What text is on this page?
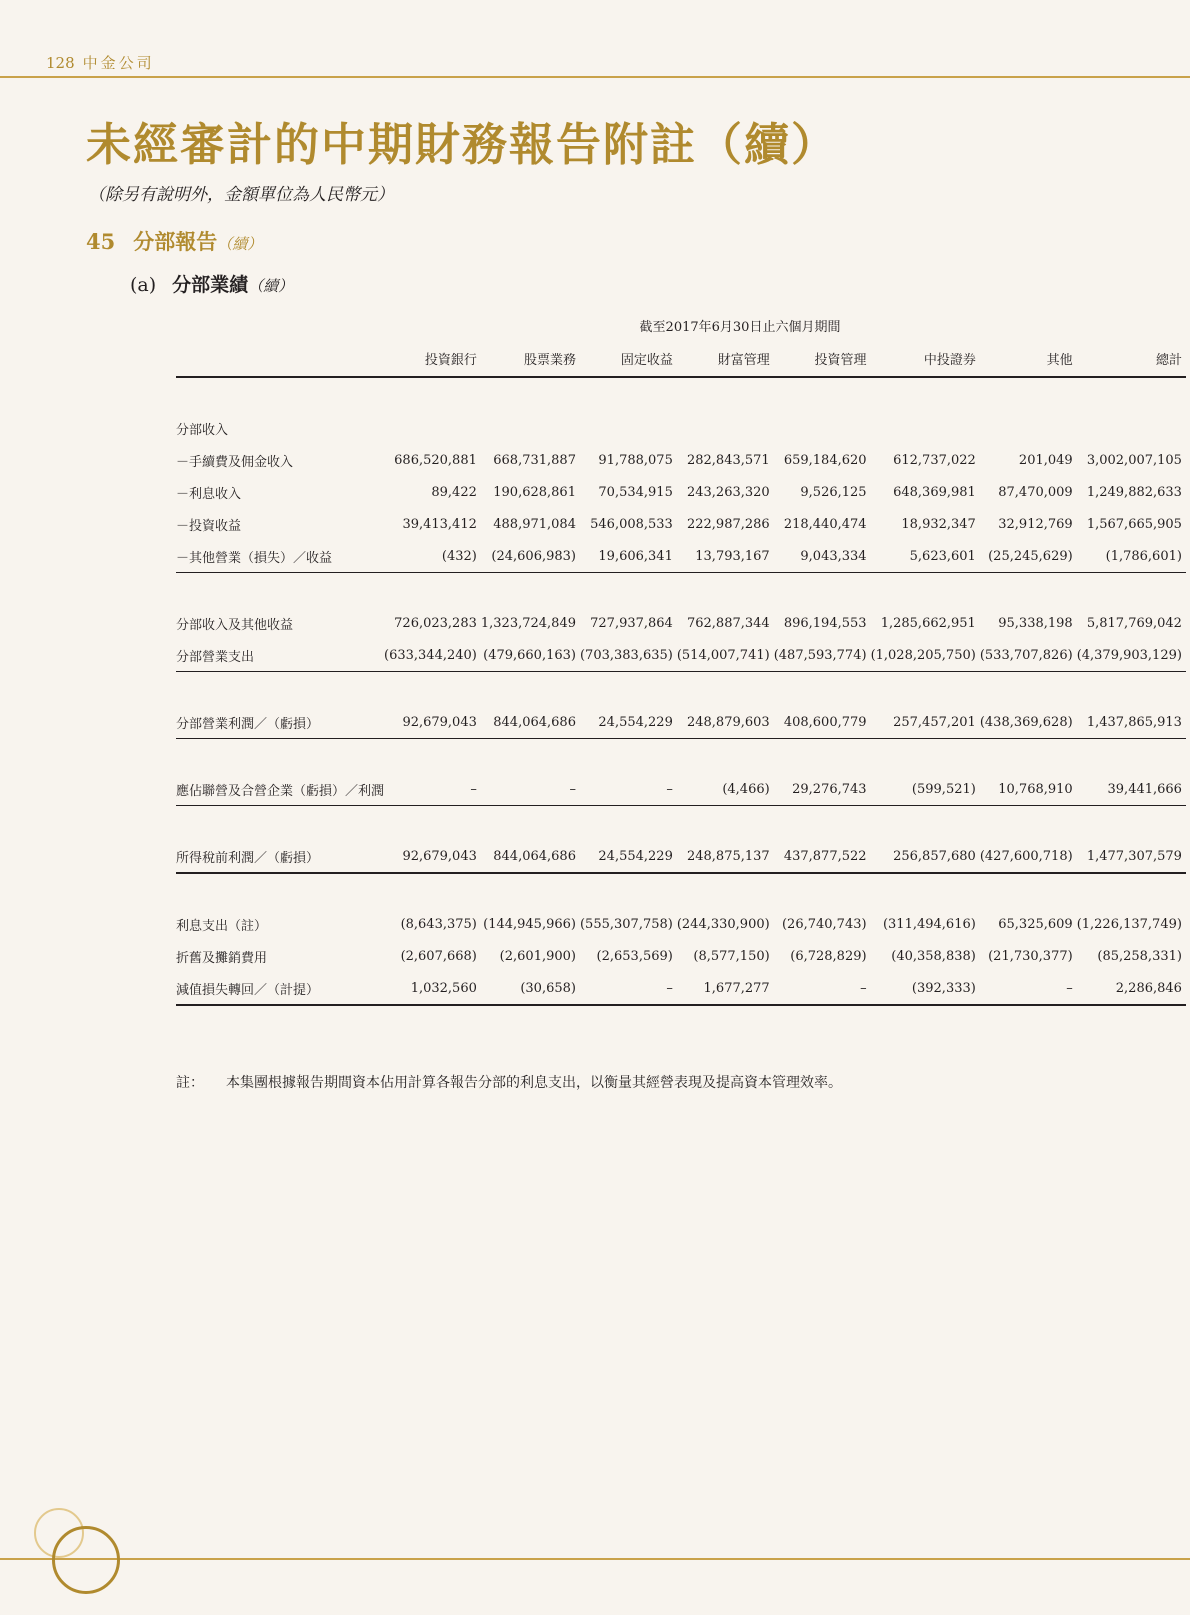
128 中金公司
未經審計的中期財務報告附註（續）
（除另有說明外，金額單位為人民幣元）
45 分部報告（續）
(a) 分部業績（續）
截至2017年6月30日止六個月期間
	投資銀行	股票業務	固定收益	財富管理	投資管理	中投證券	其他	總計

分部收入								
－手續費及佣金收入	686,520,881	668,731,887	91,788,075	282,843,571	659,184,620	612,737,022	201,049	3,002,007,105
－利息收入	89,422	190,628,861	70,534,915	243,263,320	9,526,125	648,369,981	87,470,009	1,249,882,633
－投資收益	39,413,412	488,971,084	546,008,533	222,987,286	218,440,474	18,932,347	32,912,769	1,567,665,905
－其他營業（損失）／收益	(432)	(24,606,983)	19,606,341	13,793,167	9,043,334	5,623,601	(25,245,629)	(1,786,601)

分部收入及其他收益	726,023,283	1,323,724,849	727,937,864	762,887,344	896,194,553	1,285,662,951	95,338,198	5,817,769,042
分部營業支出	(633,344,240)	(479,660,163)	(703,383,635)	(514,007,741)	(487,593,774)	(1,028,205,750)	(533,707,826)	(4,379,903,129)

分部營業利潤／（虧損）	92,679,043	844,064,686	24,554,229	248,879,603	408,600,779	257,457,201	(438,369,628)	1,437,865,913

應佔聯營及合營企業（虧損）／利潤	–	–	–	(4,466)	29,276,743	(599,521)	10,768,910	39,441,666

所得稅前利潤／（虧損）	92,679,043	844,064,686	24,554,229	248,875,137	437,877,522	256,857,680	(427,600,718)	1,477,307,579

利息支出（註）	(8,643,375)	(144,945,966)	(555,307,758)	(244,330,900)	(26,740,743)	(311,494,616)	65,325,609	(1,226,137,749)
折舊及攤銷費用	(2,607,668)	(2,601,900)	(2,653,569)	(8,577,150)	(6,728,829)	(40,358,838)	(21,730,377)	(85,258,331)
減值損失轉回／（計提）	1,032,560	(30,658)	–	1,677,277	–	(392,333)	–	2,286,846
註： 本集團根據報告期間資本佔用計算各報告分部的利息支出，以衡量其經營表現及提高資本管理效率。
